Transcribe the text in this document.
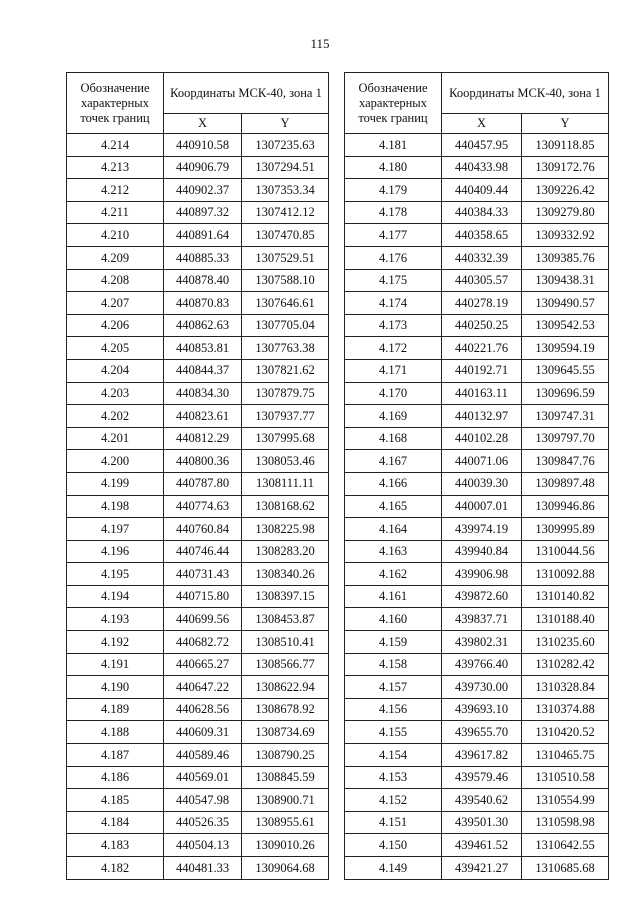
115
Обозначение характерных точек границ	Координаты МСК-40, зона 1	
	X	Y
4.214	440910.58	1307235.63
4.213	440906.79	1307294.51
4.212	440902.37	1307353.34
4.211	440897.32	1307412.12
4.210	440891.64	1307470.85
4.209	440885.33	1307529.51
4.208	440878.40	1307588.10
4.207	440870.83	1307646.61
4.206	440862.63	1307705.04
4.205	440853.81	1307763.38
4.204	440844.37	1307821.62
4.203	440834.30	1307879.75
4.202	440823.61	1307937.77
4.201	440812.29	1307995.68
4.200	440800.36	1308053.46
4.199	440787.80	1308111.11
4.198	440774.63	1308168.62
4.197	440760.84	1308225.98
4.196	440746.44	1308283.20
4.195	440731.43	1308340.26
4.194	440715.80	1308397.15
4.193	440699.56	1308453.87
4.192	440682.72	1308510.41
4.191	440665.27	1308566.77
4.190	440647.22	1308622.94
4.189	440628.56	1308678.92
4.188	440609.31	1308734.69
4.187	440589.46	1308790.25
4.186	440569.01	1308845.59
4.185	440547.98	1308900.71
4.184	440526.35	1308955.61
4.183	440504.13	1309010.26
4.182	440481.33	1309064.68
Обозначение характерных точек границ	Координаты МСК-40, зона 1	
	X	Y
4.181	440457.95	1309118.85
4.180	440433.98	1309172.76
4.179	440409.44	1309226.42
4.178	440384.33	1309279.80
4.177	440358.65	1309332.92
4.176	440332.39	1309385.76
4.175	440305.57	1309438.31
4.174	440278.19	1309490.57
4.173	440250.25	1309542.53
4.172	440221.76	1309594.19
4.171	440192.71	1309645.55
4.170	440163.11	1309696.59
4.169	440132.97	1309747.31
4.168	440102.28	1309797.70
4.167	440071.06	1309847.76
4.166	440039.30	1309897.48
4.165	440007.01	1309946.86
4.164	439974.19	1309995.89
4.163	439940.84	1310044.56
4.162	439906.98	1310092.88
4.161	439872.60	1310140.82
4.160	439837.71	1310188.40
4.159	439802.31	1310235.60
4.158	439766.40	1310282.42
4.157	439730.00	1310328.84
4.156	439693.10	1310374.88
4.155	439655.70	1310420.52
4.154	439617.82	1310465.75
4.153	439579.46	1310510.58
4.152	439540.62	1310554.99
4.151	439501.30	1310598.98
4.150	439461.52	1310642.55
4.149	439421.27	1310685.68
